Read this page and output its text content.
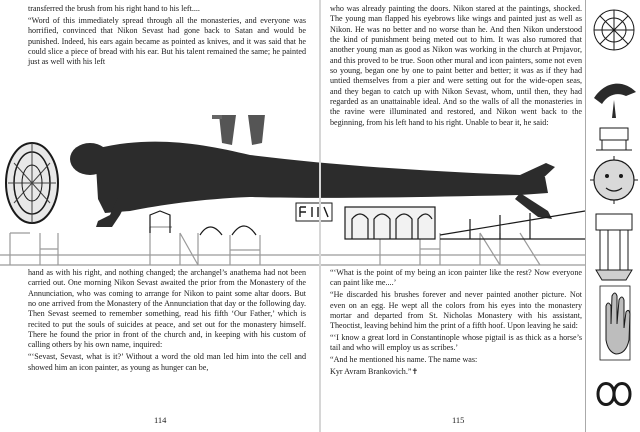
transferred the brush from his right hand to his left....

“Word of this immediately spread through all the monasteries, and everyone was horrified, convinced that Nikon Sevast had gone back to Satan and would be punished. Indeed, his ears again became as pointed as knives, and it was said that he could slice a piece of bread with his ear. But his talent remained the same; he painted just as well with his left

hand as with his right, and nothing changed; the archangel’s anathema had not been carried out. One morning Nikon Sevast awaited the prior from the Monastery of the Annunciation, who was coming to arrange for Nikon to paint some altar doors. But no one arrived from the Monastery of the Annunciation that day or the following day. Then Sevast seemed to remember something, read his fifth ‘Our Father,’ which is recited to put the souls of suicides at peace, and set out for the monastery himself. There he found the prior in front of the church and, in keeping with his custom of calling others by his own name, inquired:

“‘Sevast, Sevast, what is it?’ Without a word the old man led him into the cell and showed him an icon painter, as young as hunger can be,

114

who was already painting the doors. Nikon stared at the paintings, shocked. The young man flapped his eyebrows like wings and painted just as well as Nikon. He was no better and no worse than he. And then Nikon understood the kind of punishment being meted out to him. It was also rumored that another young man as good as Nikon was working in the church at Prnjavor, and this proved to be true. Soon other mural and icon painters, some not even so young, began one by one to paint better and better; it was as if they had untied themselves from a pier and were setting out for the wide-open seas, and they began to catch up with Nikon Sevast, whom, until then, they had regarded as an unattainable ideal. And so the walls of all the monasteries in the ravine were illuminated and restored, and Nikon went back to the beginning, from his left hand to his right. Unable to bear it, he said:

“‘What is the point of my being an icon painter like the rest? Now everyone can paint like me....’

“He discarded his brushes forever and never painted another picture. Not even on an egg. He wept all the colors from his eyes into the monastery mortar and departed from St. Nicholas Monastery with his assistant, Theoctist, leaving behind him the print of a fifth hoof. Upon leaving he said:

“‘I know a great lord in Constantinople whose pigtail is as thick as a horse’s tail and who will employ us as scribes.’

“And he mentioned his name. The name was:

Kyr Avram Brankovich.”✝

115
